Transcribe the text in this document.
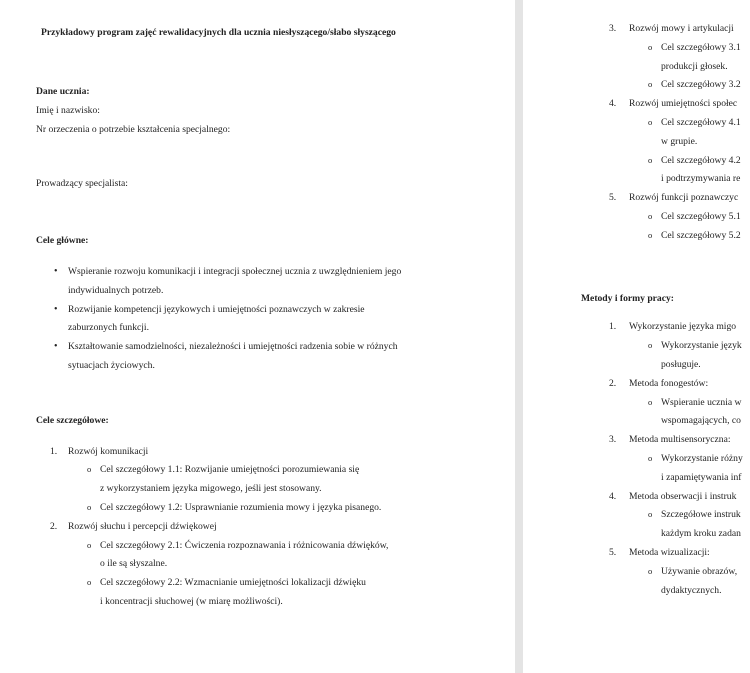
Przykładowy program zajęć rewalidacyjnych dla ucznia niesłyszącego/słabo słyszącego
Dane ucznia:
Imię i nazwisko:
Nr orzeczenia o potrzebie kształcenia specjalnego:
Prowadzący specjalista:
Cele główne:
• Wspieranie rozwoju komunikacji i integracji społecznej ucznia z uwzględnieniem jego
indywidualnych potrzeb.
• Rozwijanie kompetencji językowych i umiejętności poznawczych w zakresie
zaburzonych funkcji.
• Kształtowanie samodzielności, niezależności i umiejętności radzenia sobie w różnych
sytuacjach życiowych.
Cele szczegółowe:
1. Rozwój komunikacji
o Cel szczegółowy 1.1: Rozwijanie umiejętności porozumiewania się
z wykorzystaniem języka migowego, jeśli jest stosowany.
o Cel szczegółowy 1.2: Usprawnianie rozumienia mowy i języka pisanego.
2. Rozwój słuchu i percepcji dźwiękowej
o Cel szczegółowy 2.1: Ćwiczenia rozpoznawania i różnicowania dźwięków,
o ile są słyszalne.
o Cel szczegółowy 2.2: Wzmacnianie umiejętności lokalizacji dźwięku
i koncentracji słuchowej (w miarę możliwości).
3. Rozwój mowy i artykulacji
o Cel szczegółowy 3.1
produkcji głosek.
o Cel szczegółowy 3.2
4. Rozwój umiejętności społec
o Cel szczegółowy 4.1
w grupie.
o Cel szczegółowy 4.2
i podtrzymywania re
5. Rozwój funkcji poznawczyc
o Cel szczegółowy 5.1
o Cel szczegółowy 5.2
Metody i formy pracy:
1. Wykorzystanie języka migo
o Wykorzystanie język
posługuje.
2. Metoda fonogestów:
o Wspieranie ucznia w
wspomagających, co
3. Metoda multisensoryczna:
o Wykorzystanie różny
i zapamiętywania inf
4. Metoda obserwacji i instruk
o Szczegółowe instruk
każdym kroku zadan
5. Metoda wizualizacji:
o Używanie obrazów,
dydaktycznych.
